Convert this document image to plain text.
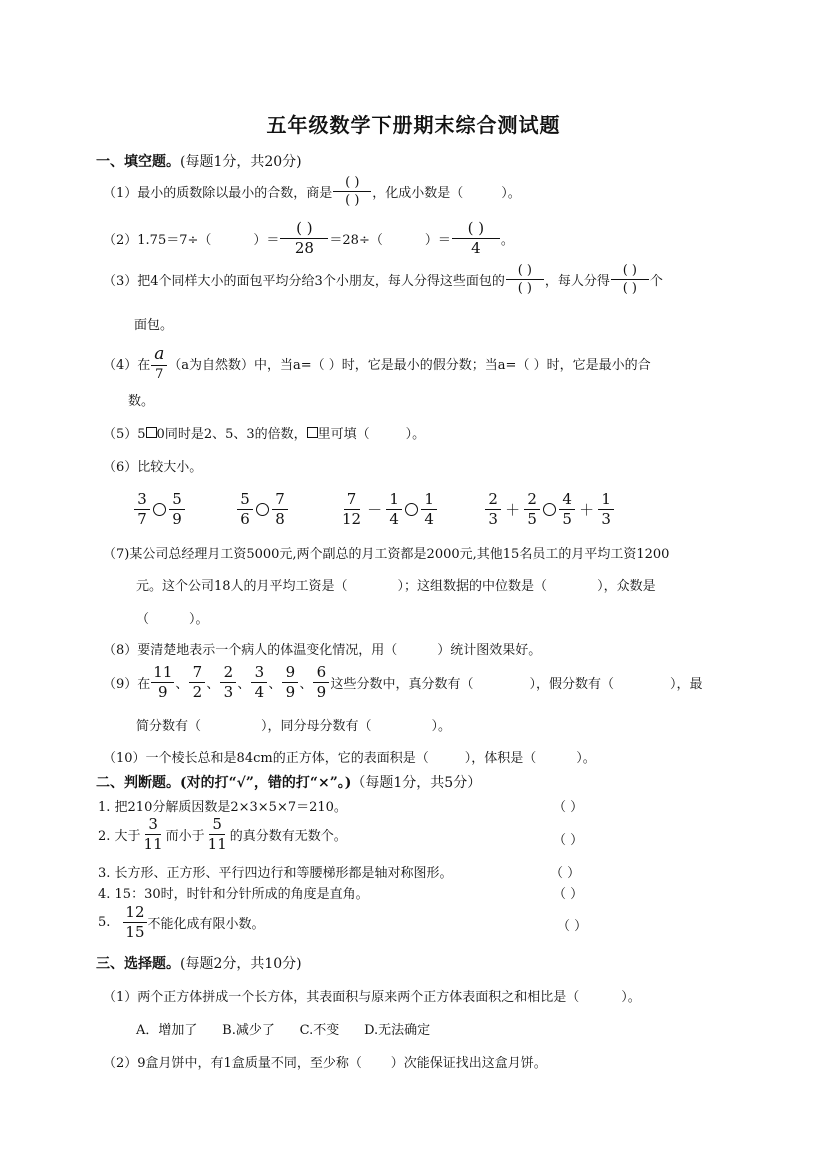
五年级数学下册期末综合测试题
一、填空题。(每题1分，共20分)
（1）最小的质数除以最小的合数，商是 $\frac{( )}{( )}$ ，化成小数是（	）。
（2）1.75＝7÷（	）＝ $\frac{( )}{28} =28\div$（	）＝ $\frac{( )}{4}$ 。
（3）把4个同样大小的面包平均分给3个小朋友，每人分得这些面包的 $\frac{( )}{( )}$ ，每人分得 $\frac{( )}{( )}$ 个
面包。
（4）在 $\frac{a}{7} (a$为自然数）中，当a=（ ）时，它是最小的假分数；当a=（ ）时，它是最小的合
数。
（5）5 0同时是2、5、3的倍数， 里可填（	）。
（6）比较大小。
$\frac{3}{7} \frac{5}{9}$	$\frac{5}{6} \frac{7}{8}$	$\frac{7}{12} - \frac{1}{4} \frac{1}{4}$	$\frac{2}{3} + \frac{2}{5} \frac{4}{5} + \frac{1}{3}$
（7)某公司总经理月工资5000元,两个副总的月工资都是2000元,其他15名员工的月平均工资1200
元。这个公司18人的月平均工资是（	）；这组数据的中位数是（	），众数是
（	）。
（8）要清楚地表示一个病人的体温变化情况，用（	）统计图效果好。
（9）在 $\frac{11}{9}$ 、 $\frac{7}{2}$ 、 $\frac{2}{3}$ 、 $\frac{3}{4}$ 、 $\frac{9}{9}$ 、 $\frac{6}{9}$ 这些分数中，真分数有（	），假分数有（	），最
简分数有（	），同分母分数有（	）。
（10）一个棱长总和是84cm的正方体，它的表面积是（	），体积是（	）。
二、判断题。(对的打“√”，错的打“×”。)（每题1分，共5分）
1. 把210分解质因数是2×3×5×7＝210。	（ ）
2. 大于 $\frac{3}{11}$ 而小于 $\frac{5}{11}$ 的真分数有无数个。	（ ）
3. 长方形、正方形、平行四边行和等腰梯形都是轴对称图形。	（ ）
4. 15：30时，时针和分针所成的角度是直角。	（ ）
5. $\frac{12}{15}$ 不能化成有限小数。	（ ）
三、选择题。(每题2分，共10分)
（1）两个正方体拼成一个长方体，其表面积与原来两个正方体表面积之和相比是（	）。
A．增加了      B.减少了      C.不变      D.无法确定
（2）9盒月饼中，有1盒质量不同，至少称（       ）次能保证找出这盒月饼。
